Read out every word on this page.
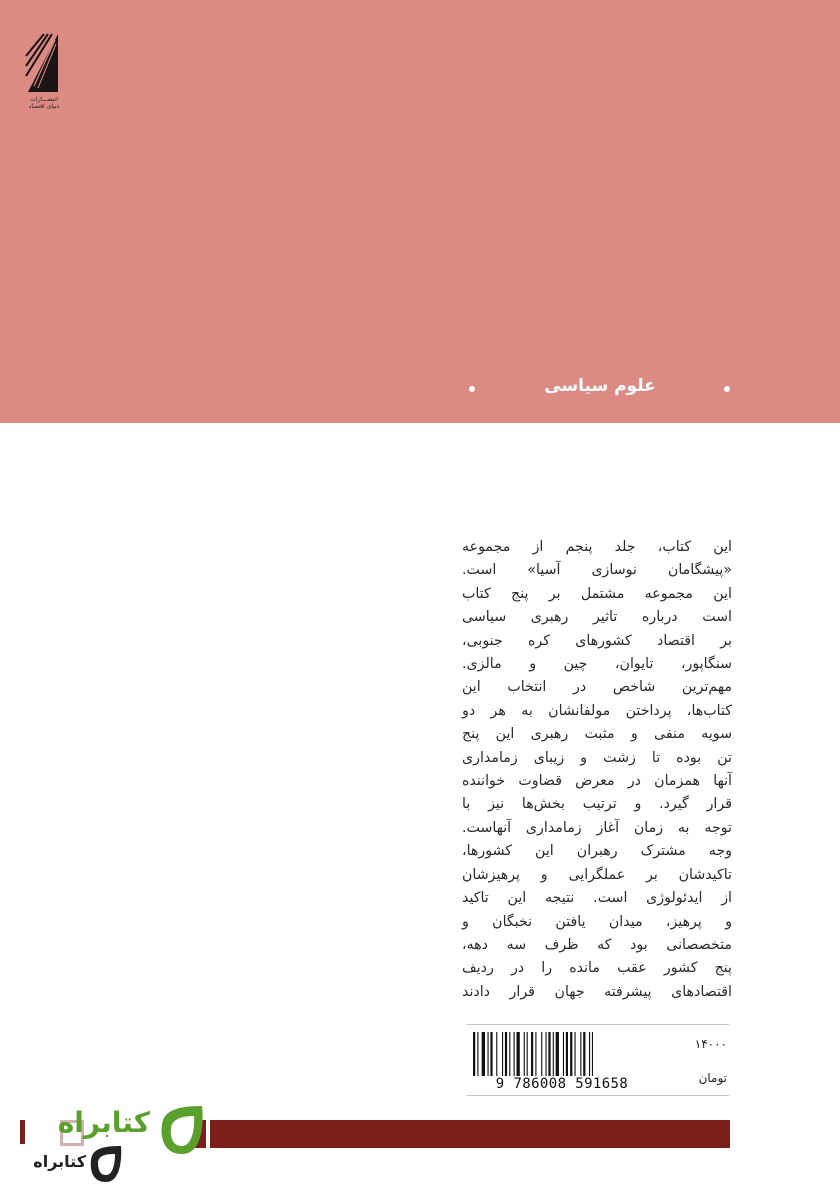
انتشـــارات
دنیای اقتصاد
علوم سیاسی
این کتاب، جلد پنجم از مجموعه
«پیشگامان نوسازی آسیا» است.
این مجموعه مشتمل بر پنج کتاب
است درباره تاثیر رهبری سیاسی
بر اقتصاد کشورهای کره جنوبی،
سنگاپور، تایوان، چین و مالزی.
مهم‌ترین شاخص در انتخاب این
کتاب‌ها، پرداختن مولفانشان به هر دو
سویه منفی و مثبت رهبری این پنج
تن بوده تا زشت و زیبای زمامداری
آنها همزمان در معرض قضاوت خواننده
قرار گیرد. و ترتیب بخش‌ها نیز با
توجه به زمان آغاز زمامداری آنهاست.
وجه مشترک رهبران این کشورها،
تاکیدشان بر عملگرایی و پرهیزشان
از ایدئولوژی است. نتیجه این تاکید
و پرهیز، میدان یافتن نخبگان و
متخصصانی بود که ظرف سه دهه،
پنج کشور عقب مانده را در ردیف
اقتصادهای پیشرفته جهان قرار دادند
9 786008 591658
۱۴۰۰۰
تومان
کتابراه
کتابراه
